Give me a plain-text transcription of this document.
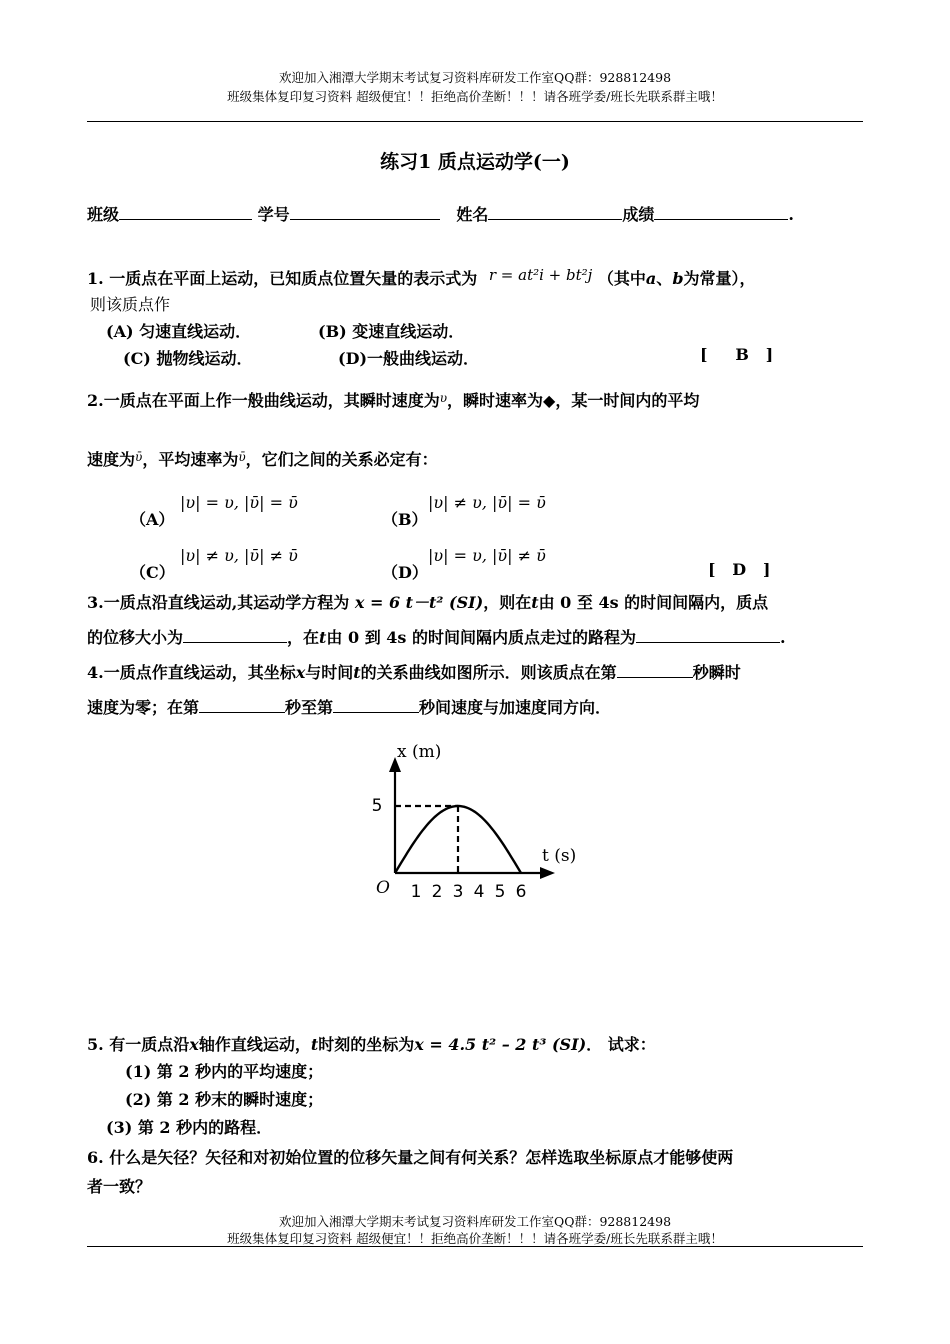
欢迎加入湘潭大学期末考试复习资料库研发工作室QQ群：928812498
班级集体复印复习资料 超级便宜！！拒绝高价垄断！！！请各班学委/班长先联系群主哦！
练习1 质点运动学(一)
班级	学号	姓名	成绩	.
1. 一质点在平面上运动，已知质点位置矢量的表示式为 r = at²i + bt²j （其中a、b为常量），
则该质点作
(A) 匀速直线运动．	(B) 变速直线运动．
(C) 抛物线运动．	(D)一般曲线运动．	[     B   ]
2.一质点在平面上作一般曲线运动，其瞬时速度为$^\upsilon$，瞬时速率为◆，某一时间内的平均
速度为$^ῡ$，平均速率为$^ῡ$，它们之间的关系必定有：
（A）
|υ| = υ, |ῡ| = ῡ
（B）
|υ| ≠ υ, |ῡ| = ῡ
（C）
|υ| ≠ υ, |ῡ| ≠ ῡ
（D）
|υ| = υ, |ῡ| ≠ ῡ
[   D   ]
3.一质点沿直线运动,其运动学方程为 x = 6 t－t² (SI)，则在t由 0 至 4s 的时间间隔内，质点
的位移大小为	，在t由 0 到 4s 的时间间隔内质点走过的路程为	.
4.一质点作直线运动，其坐标x与时间t的关系曲线如图所示．则该质点在第	秒瞬时
速度为零；在第	秒至第	秒间速度与加速度同方向．
1 2 3 4 5 6
5
O
x (m)
t (s)
5. 有一质点沿x轴作直线运动，t时刻的坐标为x = 4.5 t² – 2 t³ (SI)． 试求：
(1) 第 2 秒内的平均速度；
(2) 第 2 秒末的瞬时速度；
(3) 第 2 秒内的路程．
6. 什么是矢径？矢径和对初始位置的位移矢量之间有何关系？怎样选取坐标原点才能够使两
者一致？
欢迎加入湘潭大学期末考试复习资料库研发工作室QQ群：928812498
班级集体复印复习资料 超级便宜！！拒绝高价垄断！！！请各班学委/班长先联系群主哦！
